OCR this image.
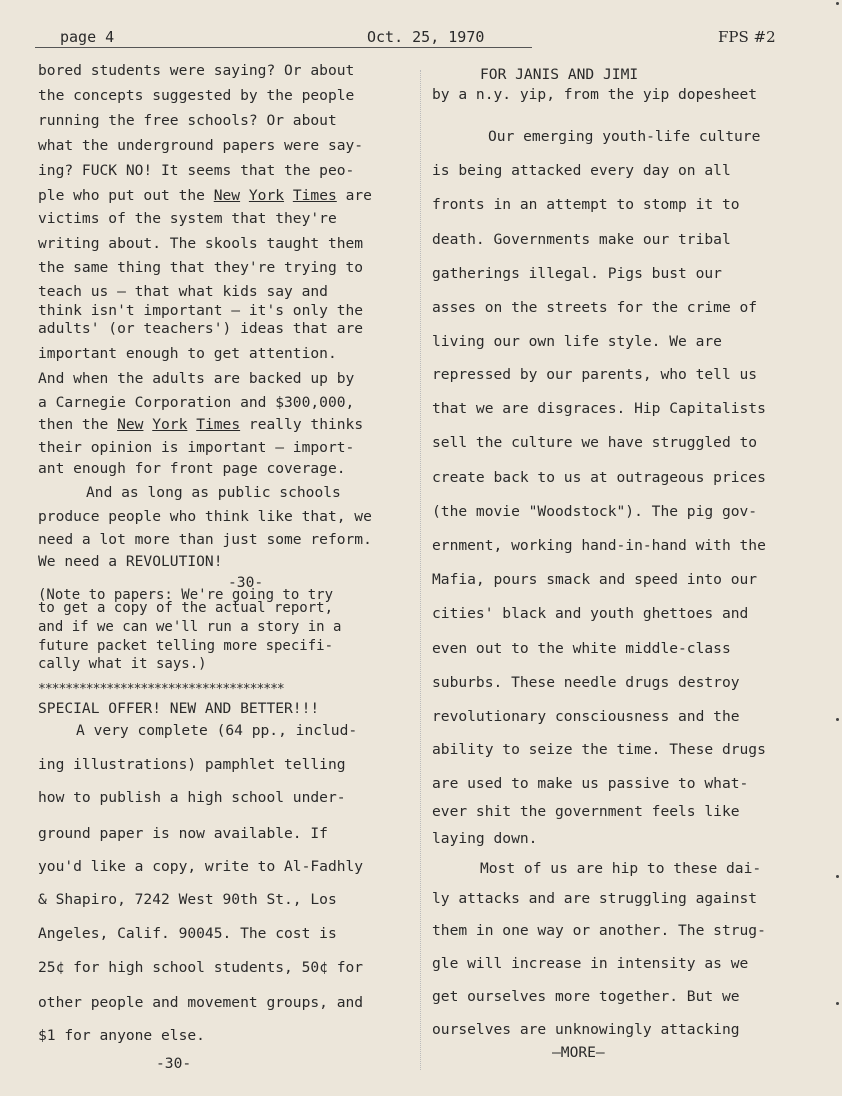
page 4	Oct. 25, 1970	FPS #2
bored students were saying? Or about
the concepts suggested by the people
running the free schools? Or about
what the underground papers were say-
ing? FUCK NO! It seems that the peo-
ple who put out the New York Times are
victims of the system that they're
writing about. The skools taught them
the same thing that they're trying to
teach us — that what kids say and
think isn't important — it's only the
adults' (or teachers') ideas that are
important enough to get attention.
And when the adults are backed up by
a Carnegie Corporation and $300,000,
then the New York Times really thinks
their opinion is important — import-
ant enough for front page coverage.
And as long as public schools
produce people who think like that, we
need a lot more than just some reform.
We need a REVOLUTION!
-30-
(Note to papers: We're going to try
to get a copy of the actual report,
and if we can we'll run a story in a
future packet telling more specifi-
cally what it says.)
************************************
SPECIAL OFFER! NEW AND BETTER!!!
A very complete (64 pp., includ-
ing illustrations) pamphlet telling
how to publish a high school under-
ground paper is now available. If
you'd like a copy, write to Al-Fadhly
& Shapiro, 7242 West 90th St., Los
Angeles, Calif. 90045. The cost is
25¢ for high school students, 50¢ for
other people and movement groups, and
$1 for anyone else.
-30-
FOR JANIS AND JIMI
by a n.y. yip, from the yip dopesheet
Our emerging youth-life culture
is being attacked every day on all
fronts in an attempt to stomp it to
death. Governments make our tribal
gatherings illegal. Pigs bust our
asses on the streets for the crime of
living our own life style. We are
repressed by our parents, who tell us
that we are disgraces. Hip Capitalists
sell the culture we have struggled to
create back to us at outrageous prices
(the movie "Woodstock"). The pig gov-
ernment, working hand-in-hand with the
Mafia, pours smack and speed into our
cities' black and youth ghettoes and
even out to the white middle-class
suburbs. These needle drugs destroy
revolutionary consciousness and the
ability to seize the time. These drugs
are used to make us passive to what-
ever shit the government feels like
laying down.
Most of us are hip to these dai-
ly attacks and are struggling against
them in one way or another. The strug-
gle will increase in intensity as we
get ourselves more together. But we
ourselves are unknowingly attacking
—MORE—
